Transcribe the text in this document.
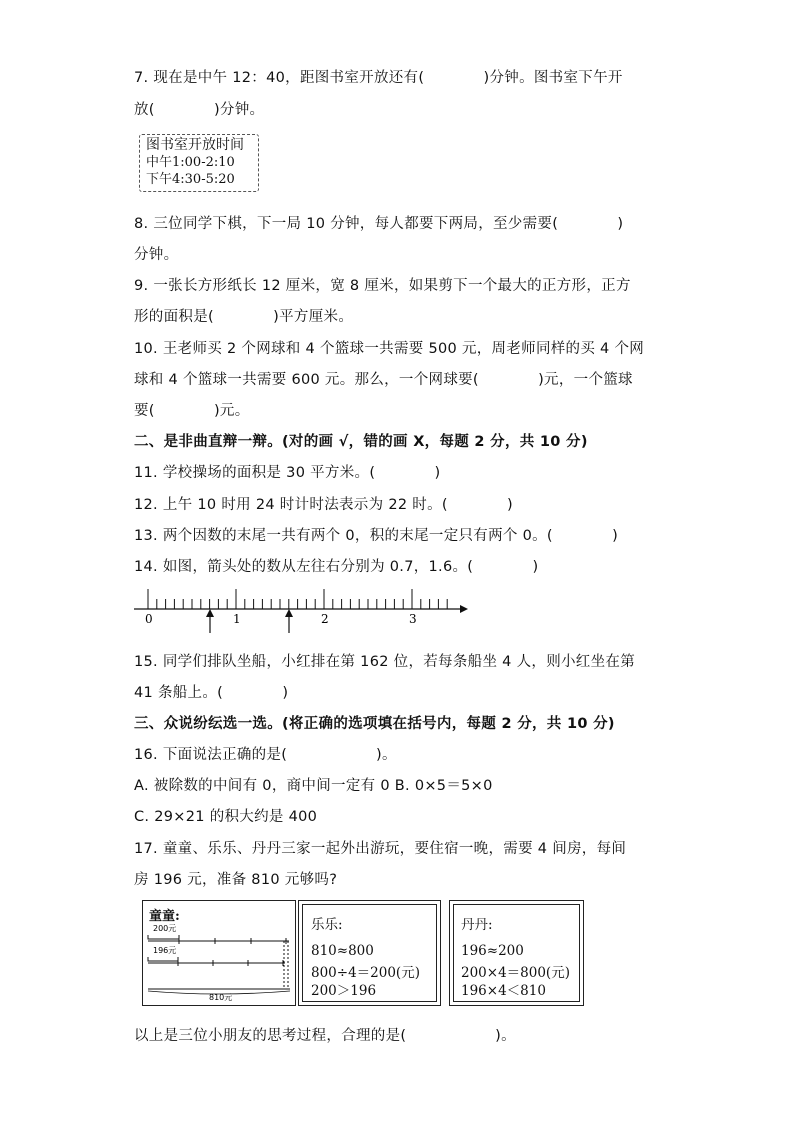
7. 现在是中午 12：40，距图书室开放还有(　　　　)分钟。图书室下午开
放(　　　　)分钟。
图书室开放时间
中午1:00-2:10
下午4:30-5:20
8. 三位同学下棋，下一局 10 分钟，每人都要下两局，至少需要(　　　　)
分钟。
9. 一张长方形纸长 12 厘米，宽 8 厘米，如果剪下一个最大的正方形，正方
形的面积是(　　　　)平方厘米。
10. 王老师买 2 个网球和 4 个篮球一共需要 500 元，周老师同样的买 4 个网
球和 4 个篮球一共需要 600 元。那么，一个网球要(　　　　)元，一个篮球
要(　　　　)元。
二、是非曲直辩一辩。(对的画 √，错的画 X，每题 2 分，共 10 分)
11. 学校操场的面积是 30 平方米。(　　　　)
12. 上午 10 时用 24 时计时法表示为 22 时。(　　　　)
13. 两个因数的末尾一共有两个 0，积的末尾一定只有两个 0。(　　　　)
14. 如图，箭头处的数从左往右分别为 0.7，1.6。(　　　　)
0	1	2	3
15. 同学们排队坐船，小红排在第 162 位，若每条船坐 4 人，则小红坐在第
41 条船上。(　　　　)
三、众说纷纭选一选。(将正确的选项填在括号内，每题 2 分，共 10 分)
16. 下面说法正确的是(　　　　　　)。
A. 被除数的中间有 0，商中间一定有 0 B. 0×5＝5×0
C. 29×21 的积大约是 400
17. 童童、乐乐、丹丹三家一起外出游玩，要住宿一晚，需要 4 间房，每间
房 196 元，准备 810 元够吗?
童童:
200元
196元
810元
乐乐:
810≈800
800÷4＝200(元)
200＞196
丹丹:
196≈200
200×4＝800(元)
196×4＜810
以上是三位小朋友的思考过程，合理的是(　　　　　　)。
